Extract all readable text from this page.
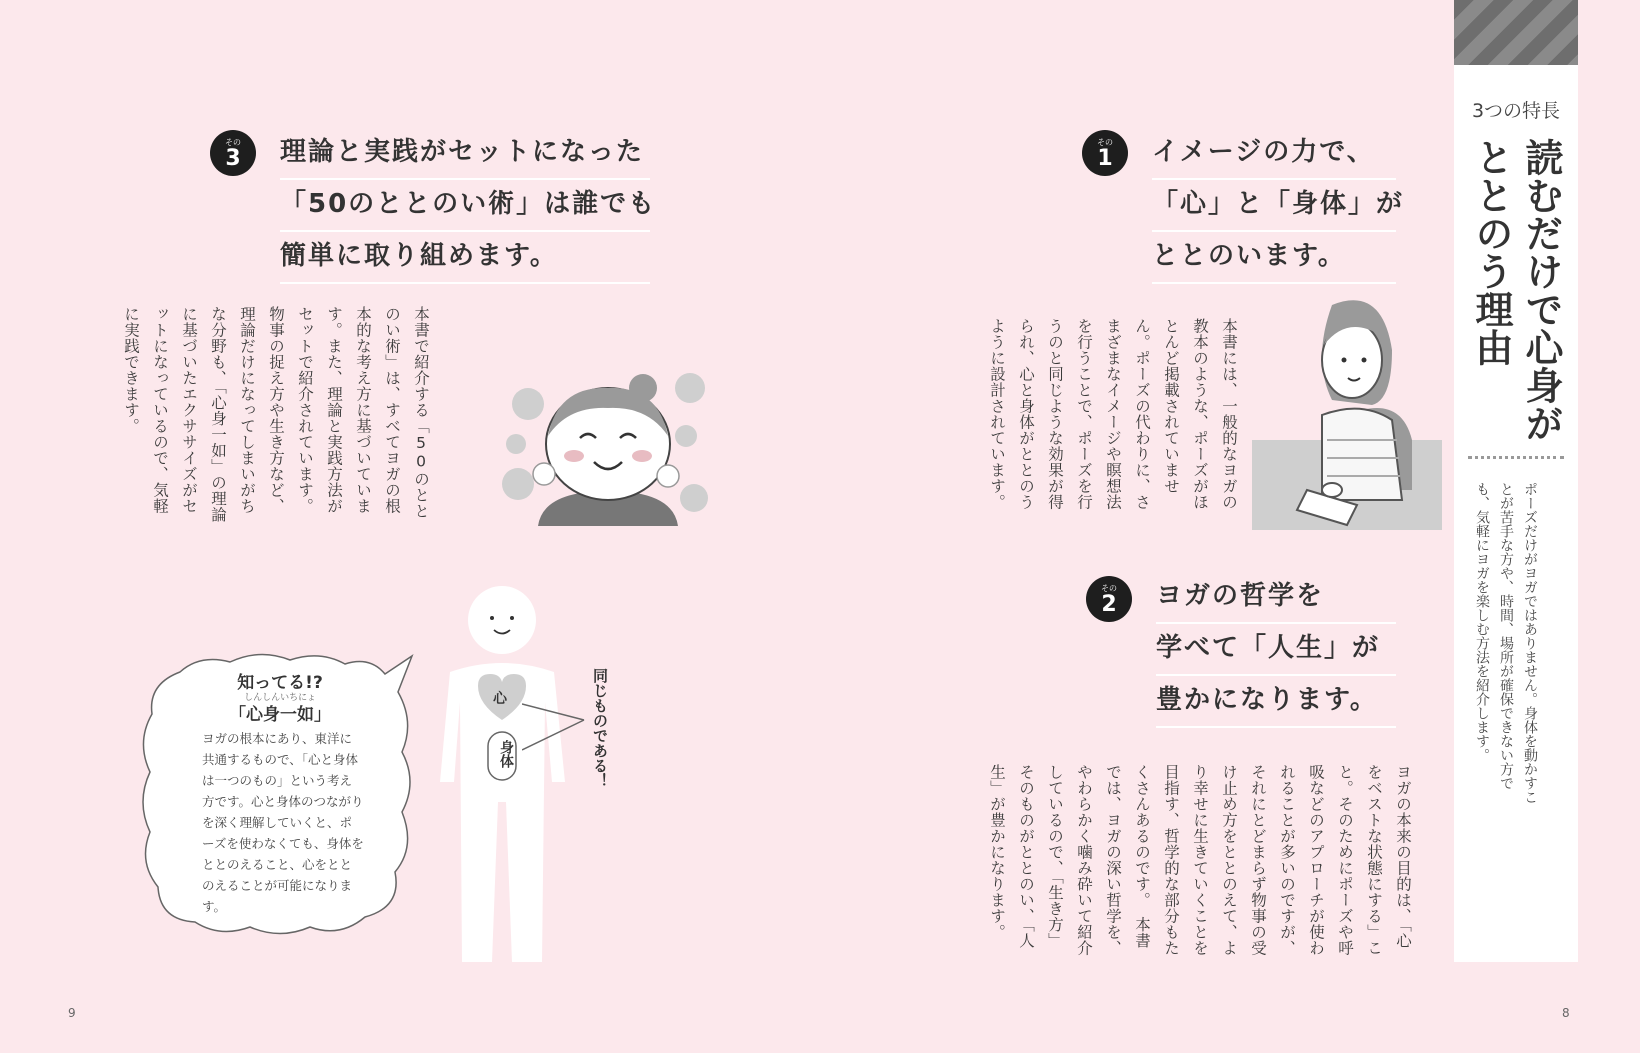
3つの特長
読むだけで心身がととのう理由
ポーズだけがヨガではありません。身体を動かすことが苦手な方や、時間、場所が確保できない方でも、気軽にヨガを楽しむ方法を紹介します。
その
1 イメージの力で、
「心」と「身体」が
ととのいます。
本書には、一般的なヨガの教本のような、ポーズがほとんど掲載されていません。ポーズの代わりに、さまざまなイメージや瞑想法を行うことで、ポーズを行うのと同じような効果が得られ、心と身体がととのうように設計されています。
その
2 ヨガの哲学を
学べて「人生」が
豊かになります。
ヨガの本来の目的は、「心をベストな状態にする」こと。そのためにポーズや呼吸などのアプローチが使われることが多いのですが、それにとどまらず物事の受け止め方をととのえて、より幸せに生きていくことを目指す、哲学的な部分もたくさんあるのです。　本書では、ヨガの深い哲学を、やわらかく噛み砕いて紹介しているので、「生き方」そのものがととのい、「人生」が豊かになります。
その
3 理論と実践がセットになった
「50のととのい術」は誰でも
簡単に取り組めます。
本書で紹介する「50のととのい術」は、すべてヨガの根本的な考え方に基づいています。また、理論と実践方法がセットで紹介されています。　物事の捉え方や生き方など、理論だけになってしまいがちな分野も、「心身一如」の理論に基づいたエクササイズがセットになっているので、気軽に実践できます。
心
身体	同じものである！
知ってる!?
しんしんいちにょ
「心身一如」
ヨガの根本にあり、東洋に共通するもので、「心と身体は一つのもの」という考え方です。心と身体のつながりを深く理解していくと、ポーズを使わなくても、身体をととのえること、心をととのえることが可能になります。
9	8
